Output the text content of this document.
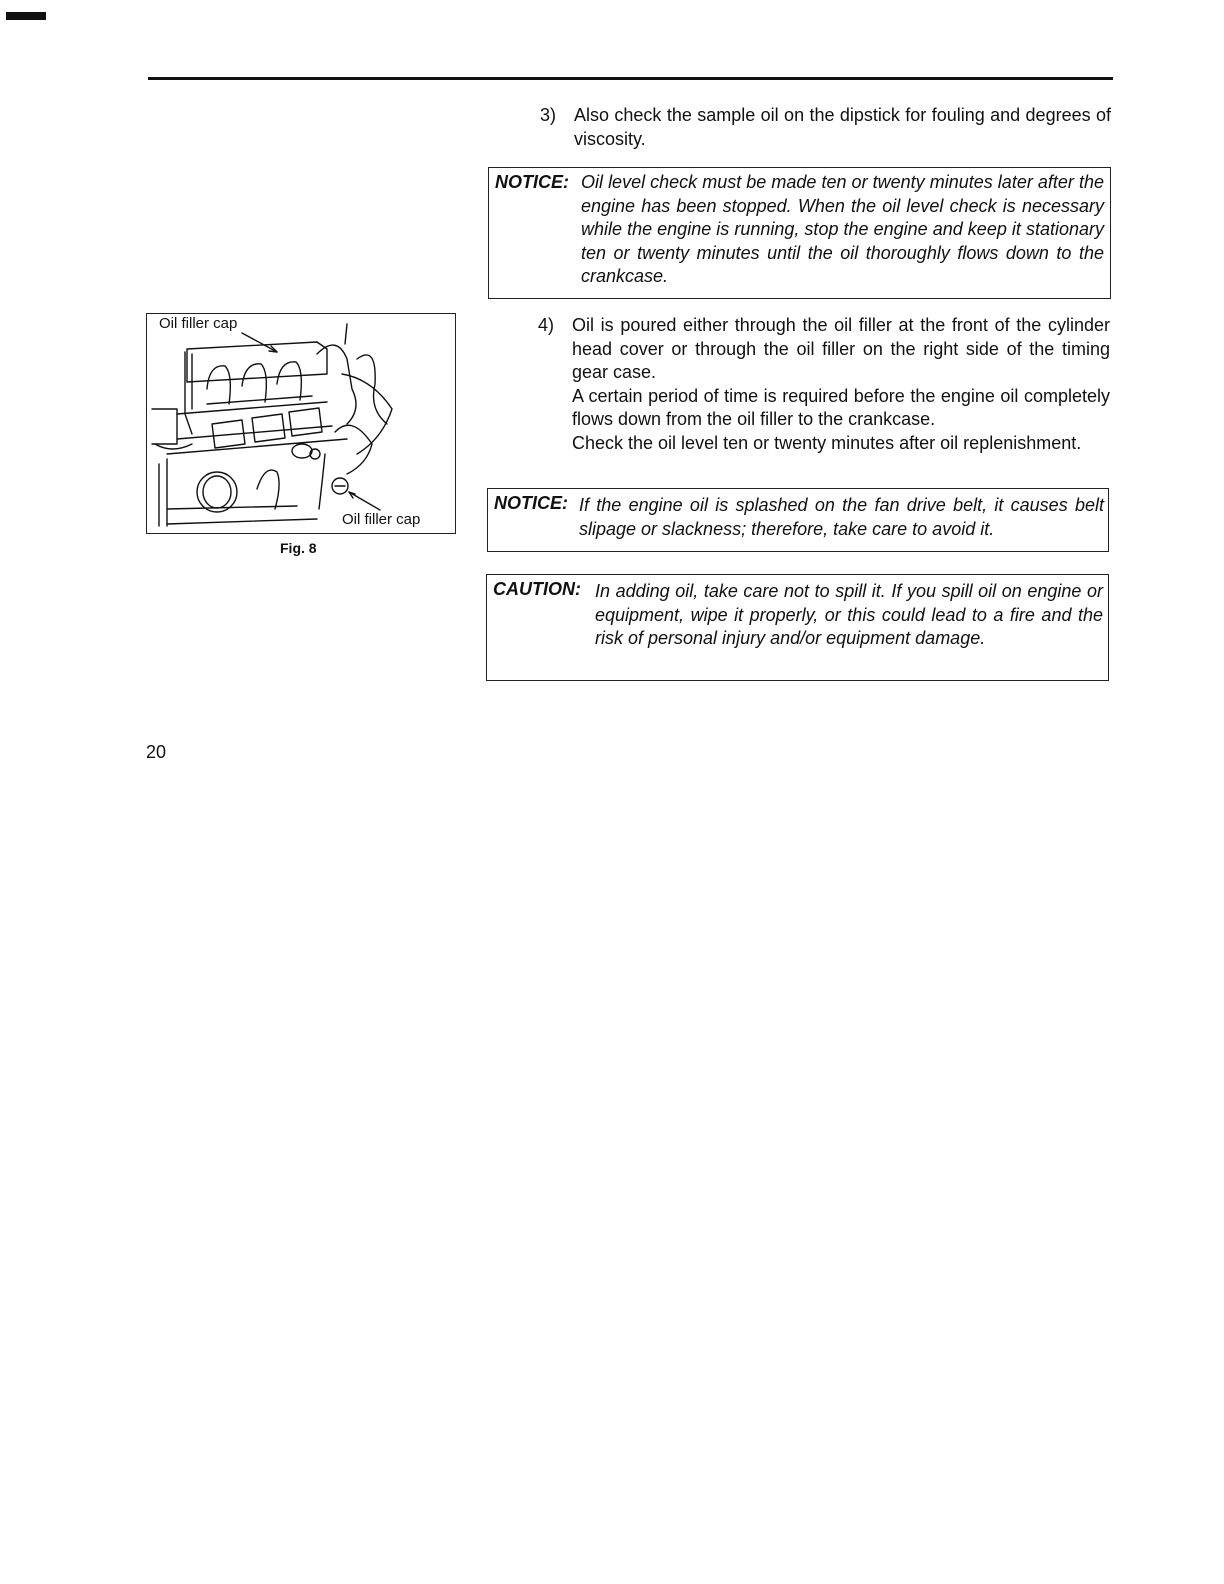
3) Also check the sample oil on the dipstick for fouling and degrees of viscosity.

NOTICE: Oil level check must be made ten or twenty minutes later after the engine has been stopped. When the oil level check is necessary while the engine is running, stop the engine and keep it stationary ten or twenty minutes until the oil thoroughly flows down to the crankcase.
4) Oil is poured either through the oil filler at the front of the cylinder head cover or through the oil filler on the right side of the timing gear case.

A certain period of time is required before the engine oil completely flows down from the oil filler to the crankcase.

Check the oil level ten or twenty minutes after oil replenishment.

NOTICE: If the engine oil is splashed on the fan drive belt, it causes belt slipage or slackness; therefore, take care to avoid it.
CAUTION: In adding oil, take care not to spill it. If you spill oil on engine or equipment, wipe it properly, or this could lead to a fire and the risk of personal injury and/or equipment damage.
Oil filler cap
Oil filler cap
Fig. 8
20
